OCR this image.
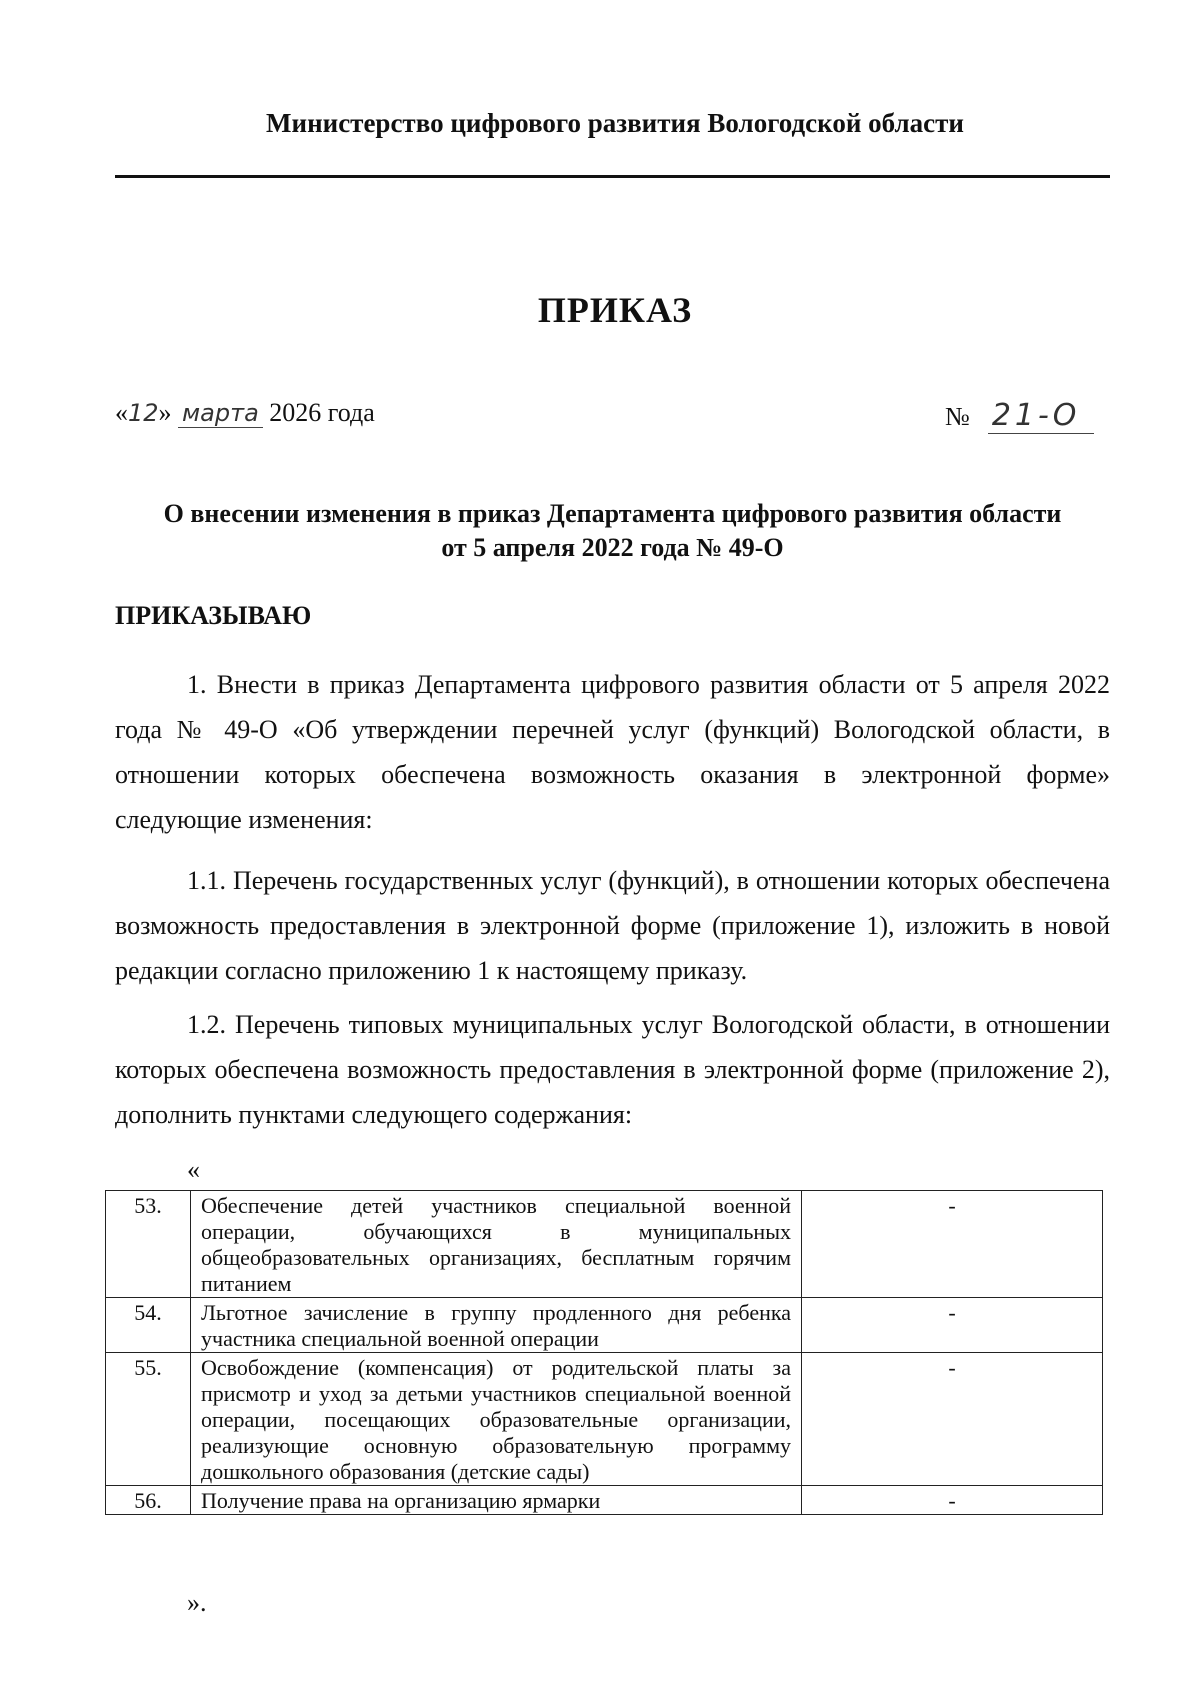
Министерство цифрового развития Вологодской области
ПРИКАЗ
«12» марта 2026 года	№ 21-О
О внесении изменения в приказ Департамента цифрового развития области
от 5 апреля 2022 года № 49-О
ПРИКАЗЫВАЮ
1. Внести в приказ Департамента цифрового развития области от 5 апреля 2022 года № 49-О «Об утверждении перечней услуг (функций) Вологодской области, в отношении которых обеспечена возможность оказания в электронной форме» следующие изменения:
1.1. Перечень государственных услуг (функций), в отношении которых обеспечена возможность предоставления в электронной форме (приложение 1), изложить в новой редакции согласно приложению 1 к настоящему приказу.
1.2. Перечень типовых муниципальных услуг Вологодской области, в отношении которых обеспечена возможность предоставления в электронной форме (приложение 2), дополнить пунктами следующего содержания:
«
53.	Обеспечение детей участников специальной военной операции, обучающихся в муниципальных общеобразовательных организациях, бесплатным горячим питанием	-
54.	Льготное зачисление в группу продленного дня ребенка участника специальной военной операции	-
55.	Освобождение (компенсация) от родительской платы за присмотр и уход за детьми участников специальной военной операции, посещающих образовательные организации, реализующие основную образовательную программу дошкольного образования (детские сады)	-
56.	Получение права на организацию ярмарки	-
».
